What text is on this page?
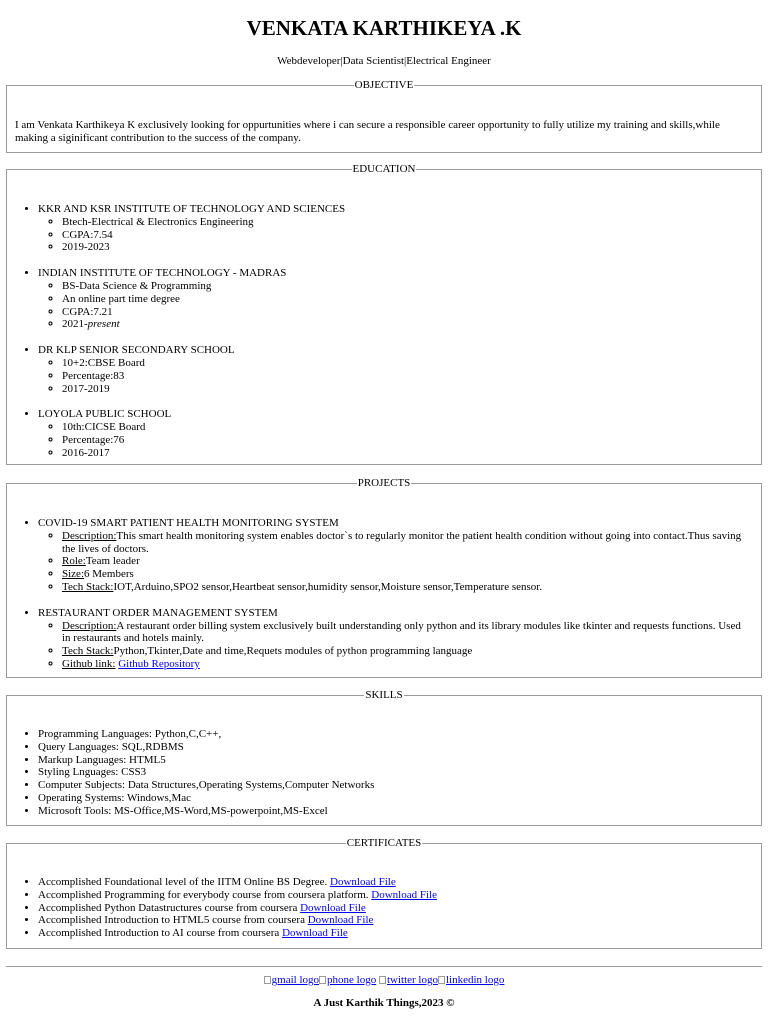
VENKATA KARTHIKEYA .K
Webdeveloper|Data Scientist|Electrical Engineer
OBJECTIVE

I am Venkata Karthikeya K exclusively looking for oppurtunities where i can secure a responsible career opportunity to fully utilize my training and skills,while making a siginificant contribution to the success of the company.

EDUCATION
• KKR AND KSR INSTITUTE OF TECHNOLOGY AND SCIENCES
◦ Btech-Electrical & Electronics Engineering
◦ CGPA:7.54
◦ 2019-2023
• INDIAN INSTITUTE OF TECHNOLOGY - MADRAS
◦ BS-Data Science & Programming
◦ An online part time degree
◦ CGPA:7.21
◦ 2021-present
• DR KLP SENIOR SECONDARY SCHOOL
◦ 10+2:CBSE Board
◦ Percentage:83
◦ 2017-2019
• LOYOLA PUBLIC SCHOOL
◦ 10th:CICSE Board
◦ Percentage:76
◦ 2016-2017
PROJECTS
• COVID-19 SMART PATIENT HEALTH MONITORING SYSTEM
◦ Description:This smart health monitoring system enables doctor`s to regularly monitor the patient health condition without going into contact.Thus saving the lives of doctors.
◦ Role:Team leader
◦ Size:6 Members
◦ Tech Stack:IOT,Arduino,SPO2 sensor,Heartbeat sensor,humidity sensor,Moisture sensor,Temperature sensor.
• RESTAURANT ORDER MANAGEMENT SYSTEM
◦ Description:A restaurant order billing system exclusively built understanding only python and its library modules like tkinter and requests functions. Used in restaurants and hotels mainly.
◦ Tech Stack:Python,Tkinter,Date and time,Requets modules of python programming language
◦ Github link: Github Repository
SKILLS
• Programming Languages: Python,C,C++,
• Query Languages: SQL,RDBMS
• Markup Languages: HTML5
• Styling Lnguages: CSS3
• Computer Subjects: Data Structures,Operating Systems,Computer Networks
• Operating Systems: Windows,Mac
• Microsoft Tools: MS-Office,MS-Word,MS-powerpoint,MS-Excel
CERTIFICATES
• Accomplished Foundational level of the IITM Online BS Degree. Download File
• Accomplished Programming for everybody course from coursera platform. Download File
• Accomplished Python Datastructures course from coursera Download File
• Accomplished Introduction to HTML5 course from coursera Download File
• Accomplished Introduction to AI course from coursera Download File
gmail logo phone logo twitter logo linkedin logo
A Just Karthik Things,2023 ©
